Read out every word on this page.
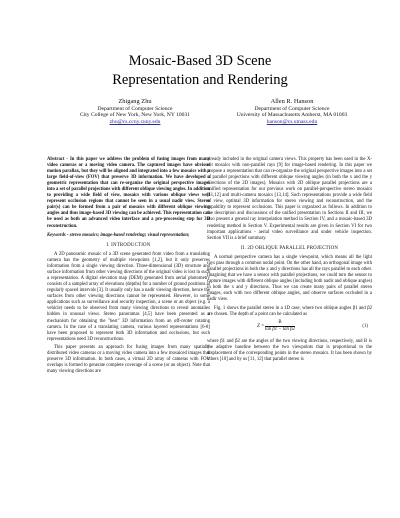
Mosaic-Based 3D Scene
Representation and Rendering
Zhigang Zhu
Department of Computer Science
City College of New York, New York, NY 10031
zhu@cs.ccny.cuny.edu
Allen R. Hanson
Department of Computer Science
University of Massachusetts Amherst, MA 01003
hanson@cs.umass.edu

Abstract - In this paper we address the problem of fusing images from many video cameras or a moving video camera. The captured images have obvious motion parallax, but they will be aligned and integrated into a few mosaics with a large field-of-view (FOV) that preserve 3D information. We have developed a geometric representation that can re-organize the original perspective images into a set of parallel projections with different oblique viewing angles. In addition to providing a wide field of view, mosaics with various oblique views well represent occlusion regions that cannot be seen in a usual nadir view. Stereo pair(s) can be formed from a pair of mosaics with different oblique viewing angles and thus image-based 3D viewing can be achieved. This representation can be used as both an advanced video interface and a pre-processing step for 3D reconstruction.

Keywords - stereo mosaics; image-based rendering; visual representation;

I. INTRODUCTION

A 2D panoramic mosaic of a 3D scene generated from video from a translating camera has the geometry of multiple viewpoints [1,2], but it only preserves information from a single viewing direction. Three-dimensional (3D) structure and surface information from other viewing directions of the original video is lost in such a representation. A digital elevation map (DEM) generated from aerial photometry consists of a sampled array of elevations (depths) for a number of ground positions at regularly spaced intervals [3]. It usually only has a nadir viewing direction, hence the surfaces from other viewing directions cannot be represented. However, in some applications such as surveillance and security inspection, a scene or an object (e.g. a vehicle) needs to be observed from many viewing directions to reveal anomalies hidden in unusual views. Stereo panoramas [4,5] have been presented as a mechanism for obtaining the "best" 3D information from an off-center rotating camera. In the case of a translating camera, various layered representations [6-8] have been proposed to represent both 3D information and occlusions, but such representations need 3D reconstructions.

This paper presents an approach for fusing images from many spatially distributed video cameras or a moving video camera into a few mosaiced images that preserve 3D information. In both cases, a virtual 2D array of cameras with FOV overlaps is formed to generate complete coverage of a scene (or an object). Note that many viewing directions are

already included in the original camera views. This property has been used in the X-slit mosaics with non-parallel rays [9] for image-based rendering. In this paper we propose a representation that can re-organize the original perspective images into a set of parallel projections with different oblique viewing angles (in both the x and the y directions of the 2D images). Mosaics with 2D oblique parallel projections are a unified representation for our previous work on parallel-perspective stereo mosaics [11,12] and multi-camera mosaics [13,14]. Such representations provide a wide field of view, optimal 3D information for stereo viewing and reconstruction, and the capability to represent occlusions. This paper is organized as follows. In addition to the description and discussions of the unified presentation in Sections II and III, we also present a general ray interpolation method in Section IV, and a mosaic-based 3D rendering method in Section V. Experimental results are given in Section VI for two important applications - aerial video surveillance and under vehicle inspection. Section VII is a brief summary.

II. 2D OBLIQUE PARALLEL PROJECTION

A normal perspective camera has a single viewpoint, which means all the light rays pass through a common nodal point. On the other hand, an orthogonal image with parallel projections in both the x and y directions has all the rays parallel to each other. Imagining that we have a sensor with parallel projections, we could turn the sensor to capture images with different oblique angles (including both nadir and oblique angles) in both the x and y directions. Thus we can create many pairs of parallel stereo images, each with two different oblique angles, and observe surfaces occluded in a nadir view.

Fig. 1 shows the parallel stereo in a 1D case, where two oblique angles β1 and β2 are chosen. The depth of a point can be calculated as

$Z = \frac{B}{\text{tan β1 − tan β2}}$	(1)

where β1 and β2 are the angles of the two viewing directions, respectively, and B is the adaptive baseline between the two viewpoints that is proportional to the displacement of the corresponding points in the stereo mosaics. It has been shown by others [10] and by us [11, 12] that parallel stereo is
